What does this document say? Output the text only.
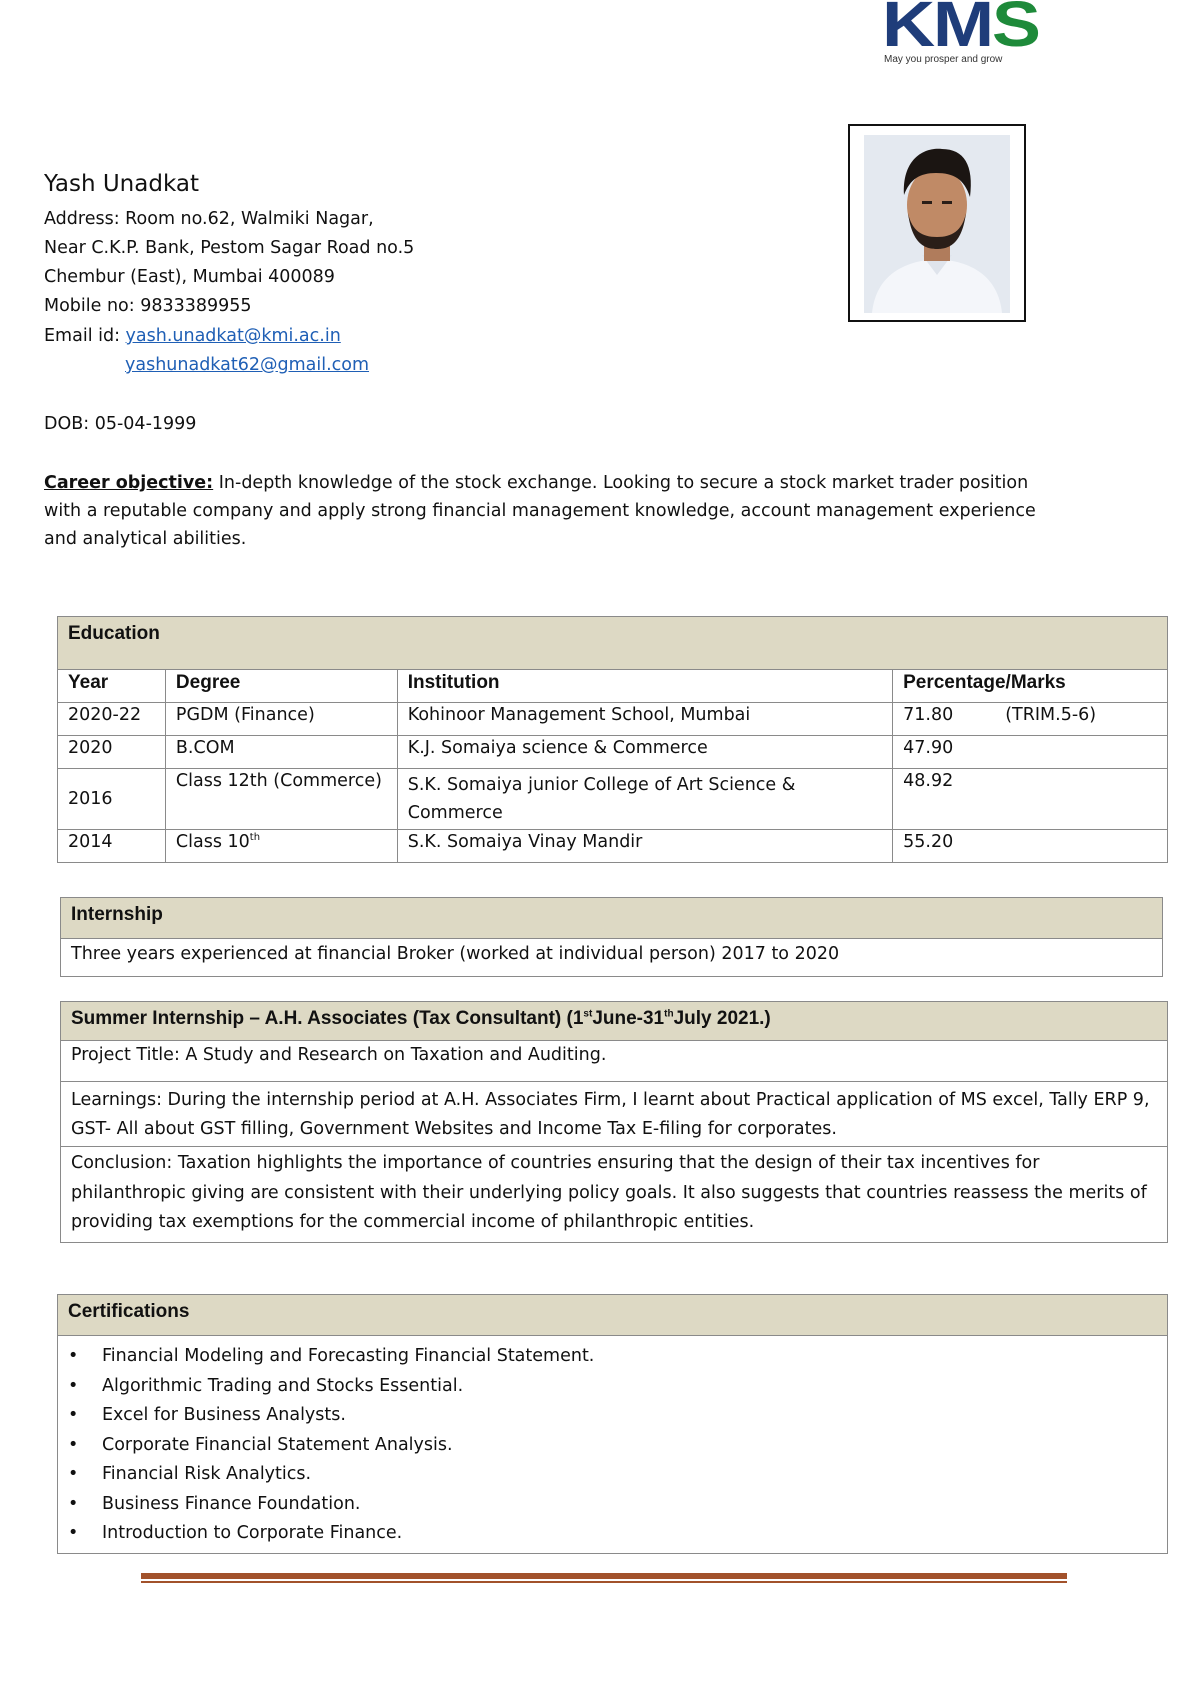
KMS
May you prosper and grow
Yash Unadkat
Address: Room no.62, Walmiki Nagar,
Near C.K.P. Bank, Pestom Sagar Road no.5
Chembur (East), Mumbai 400089
Mobile no: 9833389955
Email id: yash.unadkat@kmi.ac.in
yashunadkat62@gmail.com
DOB: 05-04-1999
Career objective: In-depth knowledge of the stock exchange. Looking to secure a stock market trader position with a reputable company and apply strong financial management knowledge, account management experience and analytical abilities.
Education			
Year	Degree	Institution	Percentage/Marks
2020-22	PGDM (Finance)	Kohinoor Management School, Mumbai	71.80 (TRIM.5-6)
2020	B.COM	K.J. Somaiya science & Commerce	47.90
2016	Class 12th (Commerce)	S.K. Somaiya junior College of Art Science & Commerce	48.92
2014	Class 10th	S.K. Somaiya Vinay Mandir	55.20
Internship
Three years experienced at financial Broker (worked at individual person) 2017 to 2020
Summer Internship – A.H. Associates (Tax Consultant) (1stJune-31thJuly 2021.)
Project Title: A Study and Research on Taxation and Auditing.
Learnings: During the internship period at A.H. Associates Firm, I learnt about Practical application of MS excel, Tally ERP 9, GST- All about GST filling, Government Websites and Income Tax E-filing for corporates.
Conclusion: Taxation highlights the importance of countries ensuring that the design of their tax incentives for philanthropic giving are consistent with their underlying policy goals. It also suggests that countries reassess the merits of providing tax exemptions for the commercial income of philanthropic entities.
Certifications

• Financial Modeling and Forecasting Financial Statement.
• Algorithmic Trading and Stocks Essential.
• Excel for Business Analysts.
• Corporate Financial Statement Analysis.
• Financial Risk Analytics.
• Business Finance Foundation.
• Introduction to Corporate Finance.
